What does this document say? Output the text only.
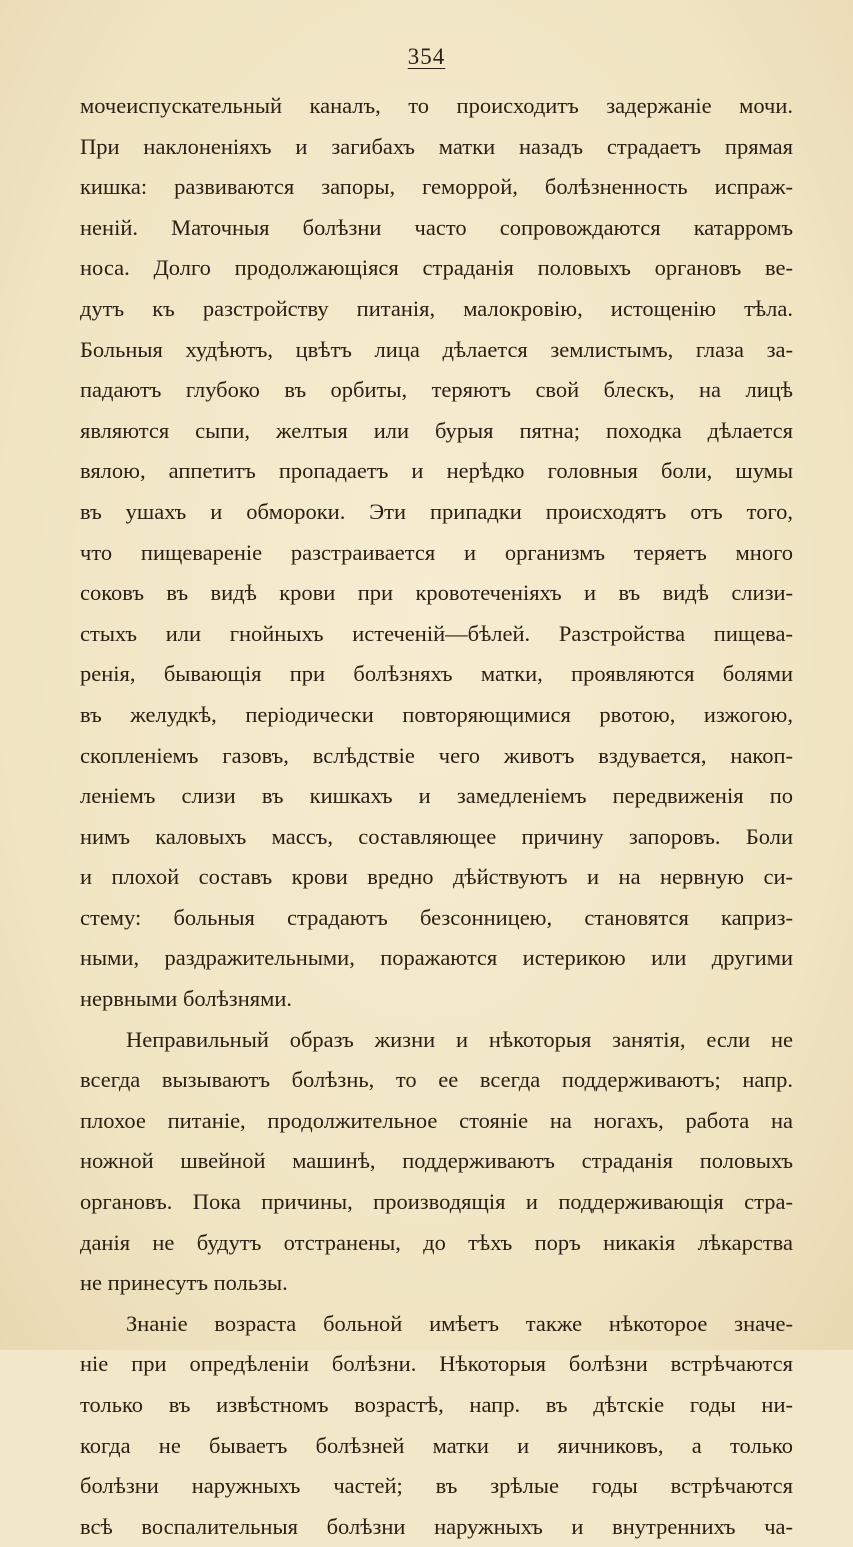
354
мочеиспускательный каналъ, то происходитъ задержаніе мочи.
При наклоненіяхъ и загибахъ матки назадъ страдаетъ прямая
кишка: развиваются запоры, геморрой, болѣзненность испраж-
неній. Маточныя болѣзни часто сопровождаются катарромъ
носа. Долго продолжающіяся страданія половыхъ органовъ ве-
дутъ къ разстройству питанія, малокровію, истощенію тѣла.
Больныя худѣютъ, цвѣтъ лица дѣлается землистымъ, глаза за-
падаютъ глубоко въ орбиты, теряютъ свой блескъ, на лицѣ
являются сыпи, желтыя или бурыя пятна; походка дѣлается
вялою, аппетитъ пропадаетъ и нерѣдко головныя боли, шумы
въ ушахъ и обмороки. Эти припадки происходятъ отъ того,
что пищевареніе разстраивается и организмъ теряетъ много
соковъ въ видѣ крови при кровотеченіяхъ и въ видѣ слизи-
стыхъ или гнойныхъ истеченій—бѣлей. Разстройства пищева-
ренія, бывающія при болѣзняхъ матки, проявляются болями
въ желудкѣ, періодически повторяющимися рвотою, изжогою,
скопленіемъ газовъ, вслѣдствіе чего животъ вздувается, накоп-
леніемъ слизи въ кишкахъ и замедленіемъ передвиженія по
нимъ каловыхъ массъ, составляющее причину запоровъ. Боли
и плохой составъ крови вредно дѣйствуютъ и на нервную си-
стему: больныя страдаютъ безсонницею, становятся каприз-
ными, раздражительными, поражаются истерикою или другими
нервными болѣзнями.
Неправильный образъ жизни и нѣкоторыя занятія, если не
всегда вызываютъ болѣзнь, то ее всегда поддерживаютъ; напр.
плохое питаніе, продолжительное стояніе на ногахъ, работа на
ножной швейной машинѣ, поддерживаютъ страданія половыхъ
органовъ. Пока причины, производящія и поддерживающія стра-
данія не будутъ отстранены, до тѣхъ поръ никакія лѣкарства
не принесутъ пользы.
Знаніе возраста больной имѣетъ также нѣкоторое значе-
ніе при опредѣленіи болѣзни. Нѣкоторыя болѣзни встрѣчаются
только въ извѣстномъ возрастѣ, напр. въ дѣтскіе годы ни-
когда не бываетъ болѣзней матки и яичниковъ, а только
болѣзни наружныхъ частей; въ зрѣлые годы встрѣчаются
всѣ воспалительныя болѣзни наружныхъ и внутреннихъ ча-
